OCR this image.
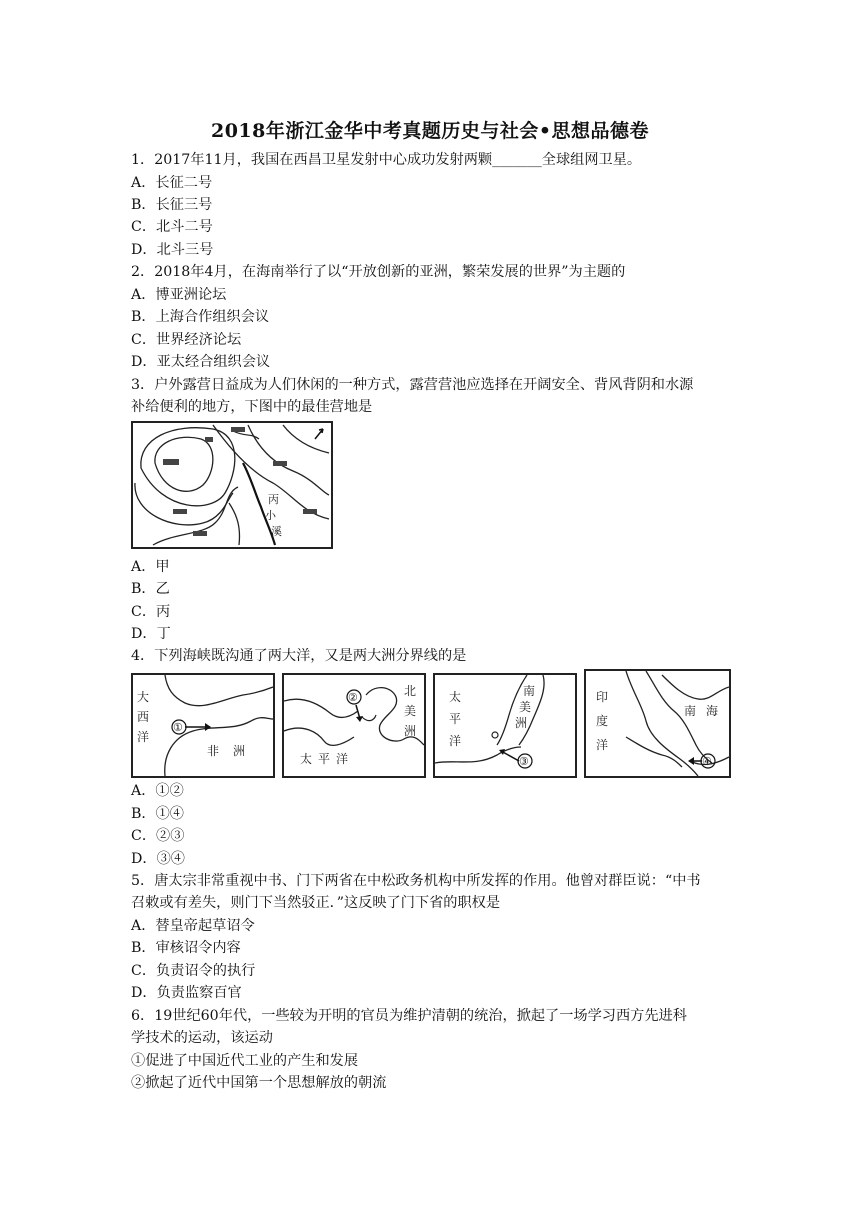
2018年浙江金华中考真题历史与社会•思想品德卷
1．2017年11月，我国在西昌卫星发射中心成功发射两颗_______全球组网卫星。
A．长征二号
B．长征三号
C．北斗二号
D．北斗三号
2．2018年4月，在海南举行了以“开放创新的亚洲，繁荣发展的世界”为主题的
A．博亚洲论坛
B．上海合作组织会议
C．世界经济论坛
D．亚太经合组织会议
3．户外露营日益成为人们休闲的一种方式，露营营池应选择在开阔安全、背风背阴和水源
补给便利的地方，下图中的最佳营地是
丙
小
溪
A．甲
B．乙
C．丙
D．丁
4．下列海峡既沟通了两大洋，又是两大洲分界线的是
大
西
洋
①
非 洲
②	北
美
洲
太平洋	③
太
平
洋
南
美
洲
④
印
度
洋
南 海
A．①②
B．①④
C．②③
D．③④
5．唐太宗非常重视中书、门下两省在中松政务机构中所发挥的作用。他曾对群臣说：“中书
召敕或有差失，则门下当然驳正．”这反映了门下省的职权是
A．替皇帝起草诏令
B．审核诏令内容
C．负责诏令的执行
D．负责监察百官
6．19世纪60年代，一些较为开明的官员为维护清朝的统治，掀起了一场学习西方先进科
学技术的运动，该运动
①促进了中国近代工业的产生和发展
②掀起了近代中国第一个思想解放的朝流
